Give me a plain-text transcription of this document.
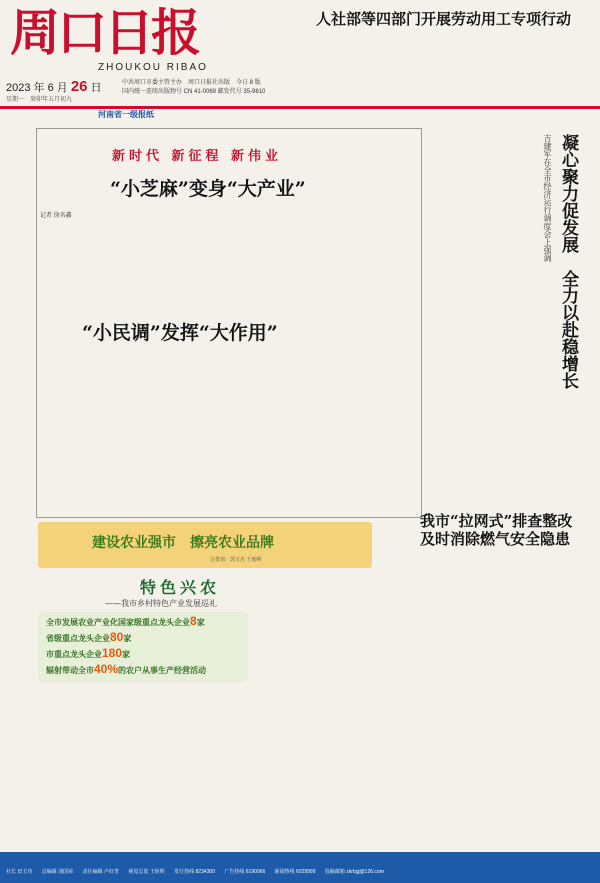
周口日报
ZHOUKOU RIBAO
人社部等四部门开展劳动用工专项行动
2023 年 6 月 26 日
星期一　癸卯年五月初九
中共周口市委主管主办　周口日报社出版　今日 8 版
国内统一连续出版物号 CN 41-0069 邮发代号 35-9810
河南省一级报纸
新时代 新征程 新伟业
“小芝麻”变身“大产业”
记者 徐名鑫
“小民调”发挥“大作用”
建设农业强市　擦亮农业品牌
总策划：郭玉杰 王俊峰
特色兴农
——我市乡村特色产业发展巡礼
全市发展农业产业化国家级重点龙头企业8家
省级重点龙头企业80家
市重点龙头企业180家
辐射带动全市40%的农户从事生产经营活动
凝心聚力促发展　全力以赴稳增长
吉建军在全市经济运行调度会上强调
我市“拉网式”排查整改
及时消除燃气安全隐患
社长 田玉功 总编辑 刘国荣 责任编辑 卢好青 视觉总监 王炬辉 发行热线 8234300 广告热线 6190066 新闻热线 6029999 投稿邮箱 zkrbgj@126.com
